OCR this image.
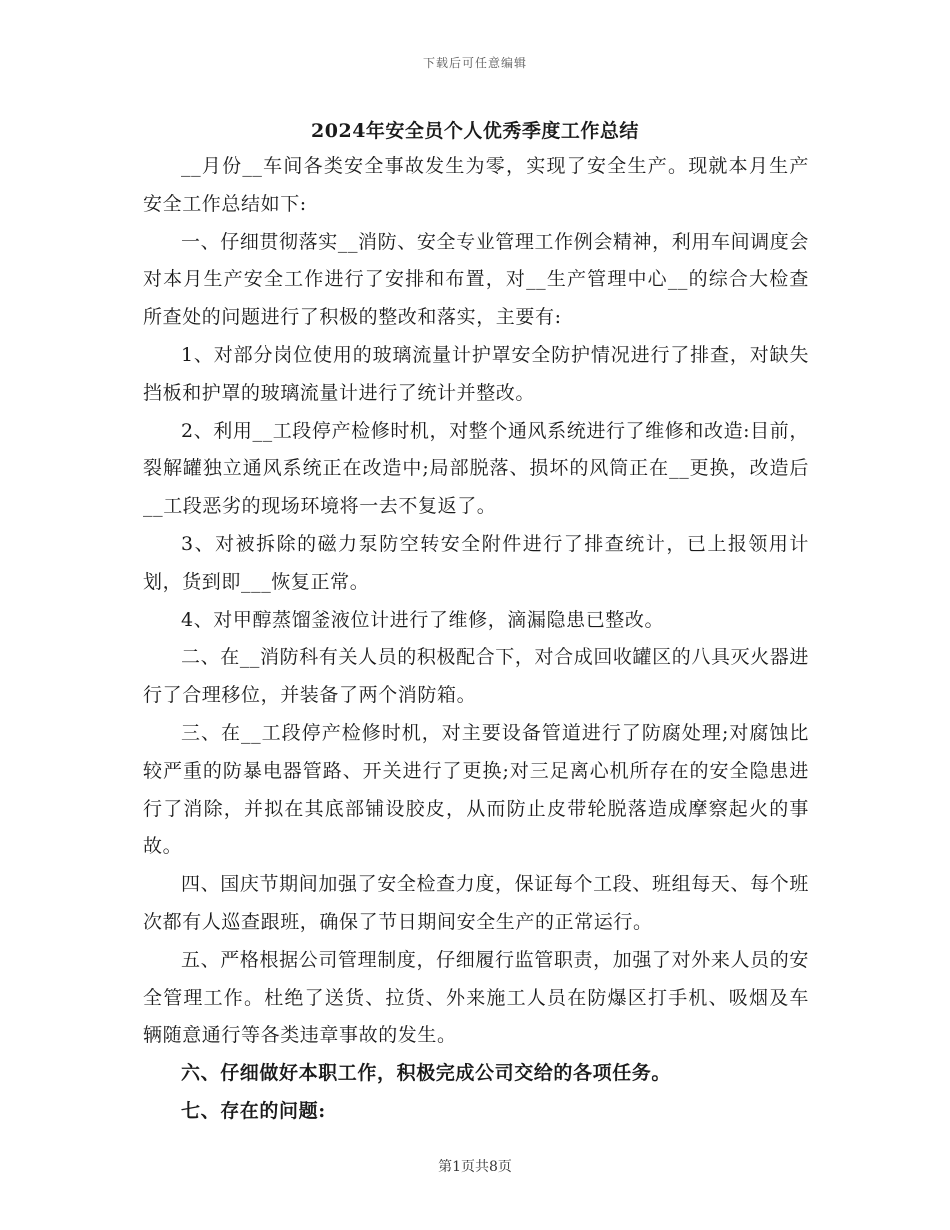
下载后可任意编辑
2024年安全员个人优秀季度工作总结

__月份__车间各类安全事故发生为零，实现了安全生产。现就本月生产安全工作总结如下:

一、仔细贯彻落实__消防、安全专业管理工作例会精神，利用车间调度会对本月生产安全工作进行了安排和布置，对__生产管理中心__的综合大检查所查处的问题进行了积极的整改和落实，主要有:

1、对部分岗位使用的玻璃流量计护罩安全防护情况进行了排查，对缺失挡板和护罩的玻璃流量计进行了统计并整改。

2、利用__工段停产检修时机，对整个通风系统进行了维修和改造:目前，裂解罐独立通风系统正在改造中;局部脱落、损坏的风筒正在__更换，改造后__工段恶劣的现场环境将一去不复返了。

3、对被拆除的磁力泵防空转安全附件进行了排查统计，已上报领用计划，货到即___恢复正常。

4、对甲醇蒸馏釜液位计进行了维修，滴漏隐患已整改。

二、在__消防科有关人员的积极配合下，对合成回收罐区的八具灭火器进行了合理移位，并装备了两个消防箱。

三、在__工段停产检修时机，对主要设备管道进行了防腐处理;对腐蚀比较严重的防暴电器管路、开关进行了更换;对三足离心机所存在的安全隐患进行了消除，并拟在其底部铺设胶皮，从而防止皮带轮脱落造成摩察起火的事故。

四、国庆节期间加强了安全检查力度，保证每个工段、班组每天、每个班次都有人巡查跟班，确保了节日期间安全生产的正常运行。

五、严格根据公司管理制度，仔细履行监管职责，加强了对外来人员的安全管理工作。杜绝了送货、拉货、外来施工人员在防爆区打手机、吸烟及车辆随意通行等各类违章事故的发生。

六、仔细做好本职工作，积极完成公司交给的各项任务。

七、存在的问题:

第1页共8页
